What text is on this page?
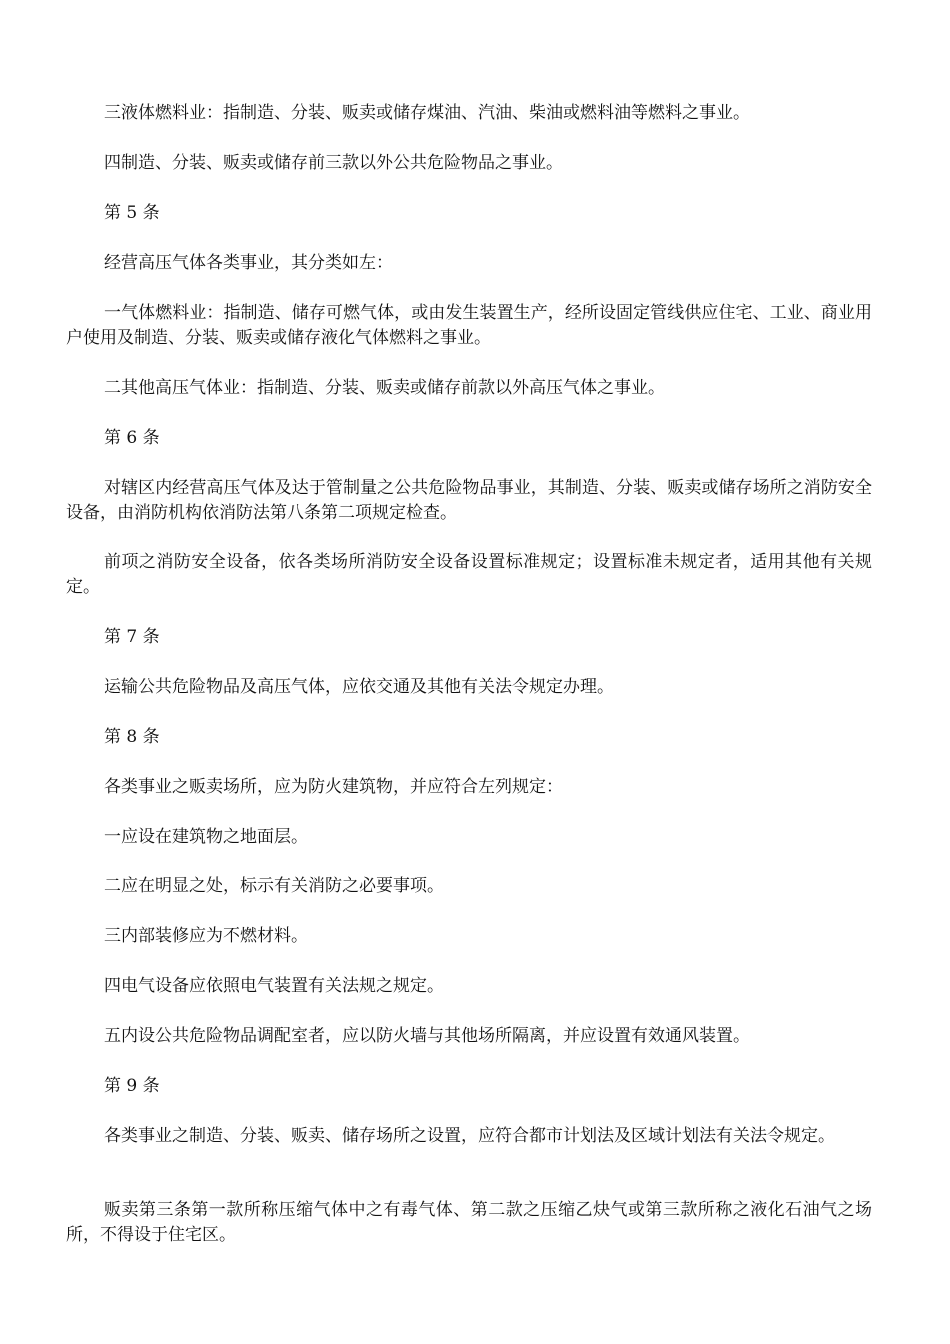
三液体燃料业：指制造、分装、贩卖或储存煤油、汽油、柴油或燃料油等燃料之事业。

四制造、分装、贩卖或储存前三款以外公共危险物品之事业。

第 5 条

经营高压气体各类事业，其分类如左：

一气体燃料业：指制造、储存可燃气体，或由发生装置生产，经所设固定管线供应住宅、工业、商业用户使用及制造、分装、贩卖或储存液化气体燃料之事业。

二其他高压气体业：指制造、分装、贩卖或储存前款以外高压气体之事业。

第 6 条

对辖区内经营高压气体及达于管制量之公共危险物品事业，其制造、分装、贩卖或储存场所之消防安全设备，由消防机构依消防法第八条第二项规定检查。

前项之消防安全设备，依各类场所消防安全设备设置标准规定；设置标准未规定者，适用其他有关规定。

第 7 条

运输公共危险物品及高压气体，应依交通及其他有关法令规定办理。

第 8 条

各类事业之贩卖场所，应为防火建筑物，并应符合左列规定：

一应设在建筑物之地面层。

二应在明显之处，标示有关消防之必要事项。

三内部装修应为不燃材料。

四电气设备应依照电气装置有关法规之规定。

五内设公共危险物品调配室者，应以防火墙与其他场所隔离，并应设置有效通风装置。

第 9 条

各类事业之制造、分装、贩卖、储存场所之设置，应符合都市计划法及区域计划法有关法令规定。

贩卖第三条第一款所称压缩气体中之有毒气体、第二款之压缩乙炔气或第三款所称之液化石油气之场所，不得设于住宅区。
